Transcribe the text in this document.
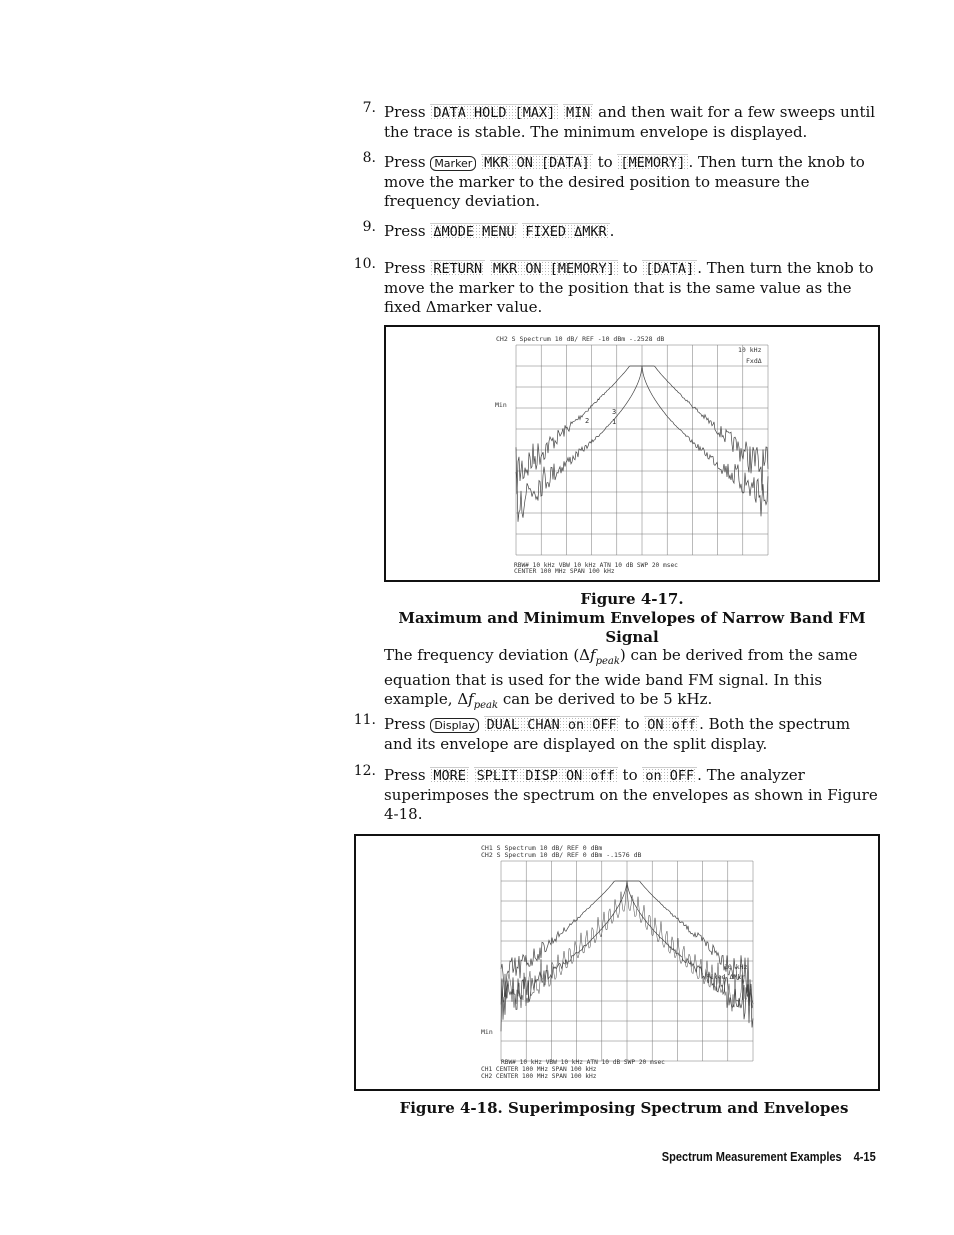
7. Press DATA HOLD [MAX] MIN and then wait for a few sweeps until the trace is stable. The minimum envelope is displayed.
8. Press Marker MKR ON [DATA] to [MEMORY] . Then turn the knob to move the marker to the desired position to measure the frequency deviation.
9. Press ΔMODE MENU FIXED ΔMKR .
10. Press RETURN MKR ON [MEMORY] to [DATA] . Then turn the knob to move the marker to the position that is the same value as the fixed Δmarker value.
CH2 S Spectrum 10 dB/ REF -10 dBm -.2528 dB
10 kHz
FxdΔ
Min
1
2
3
RBW# 10 kHz VBW 10 kHz ATN 10 dB SWP 20 msec
CENTER 100 MHz SPAN 100 kHz
Figure 4-17.
Maximum and Minimum Envelopes of Narrow Band FM Signal
The frequency deviation $(\Delta f_{peak})$ can be derived from the same equation that is used for the wide band FM signal. In this example, $\Delta f_{peak}$ can be derived to be 5 kHz.
11. Press Display DUAL CHAN on OFF to ON off . Both the spectrum and its envelope are displayed on the split display.
12. Press MORE SPLIT DISP ON off to on OFF . The analyzer superimposes the spectrum on the envelopes as shown in Figure 4-18.
CH1 S Spectrum 10 dB/ REF 0 dBm
CH2 S Spectrum 10 dB/ REF 0 dBm -.1576 dB
10 kHz
Fixed ΔMkr
Min
RBW# 10 kHz VBW 10 kHz ATN 10 dB SWP 20 msec
CH1 CENTER 100 MHz SPAN 100 kHz
CH2 CENTER 100 MHz SPAN 100 kHz
Figure 4-18. Superimposing Spectrum and Envelopes
Spectrum Measurement Examples 4-15
